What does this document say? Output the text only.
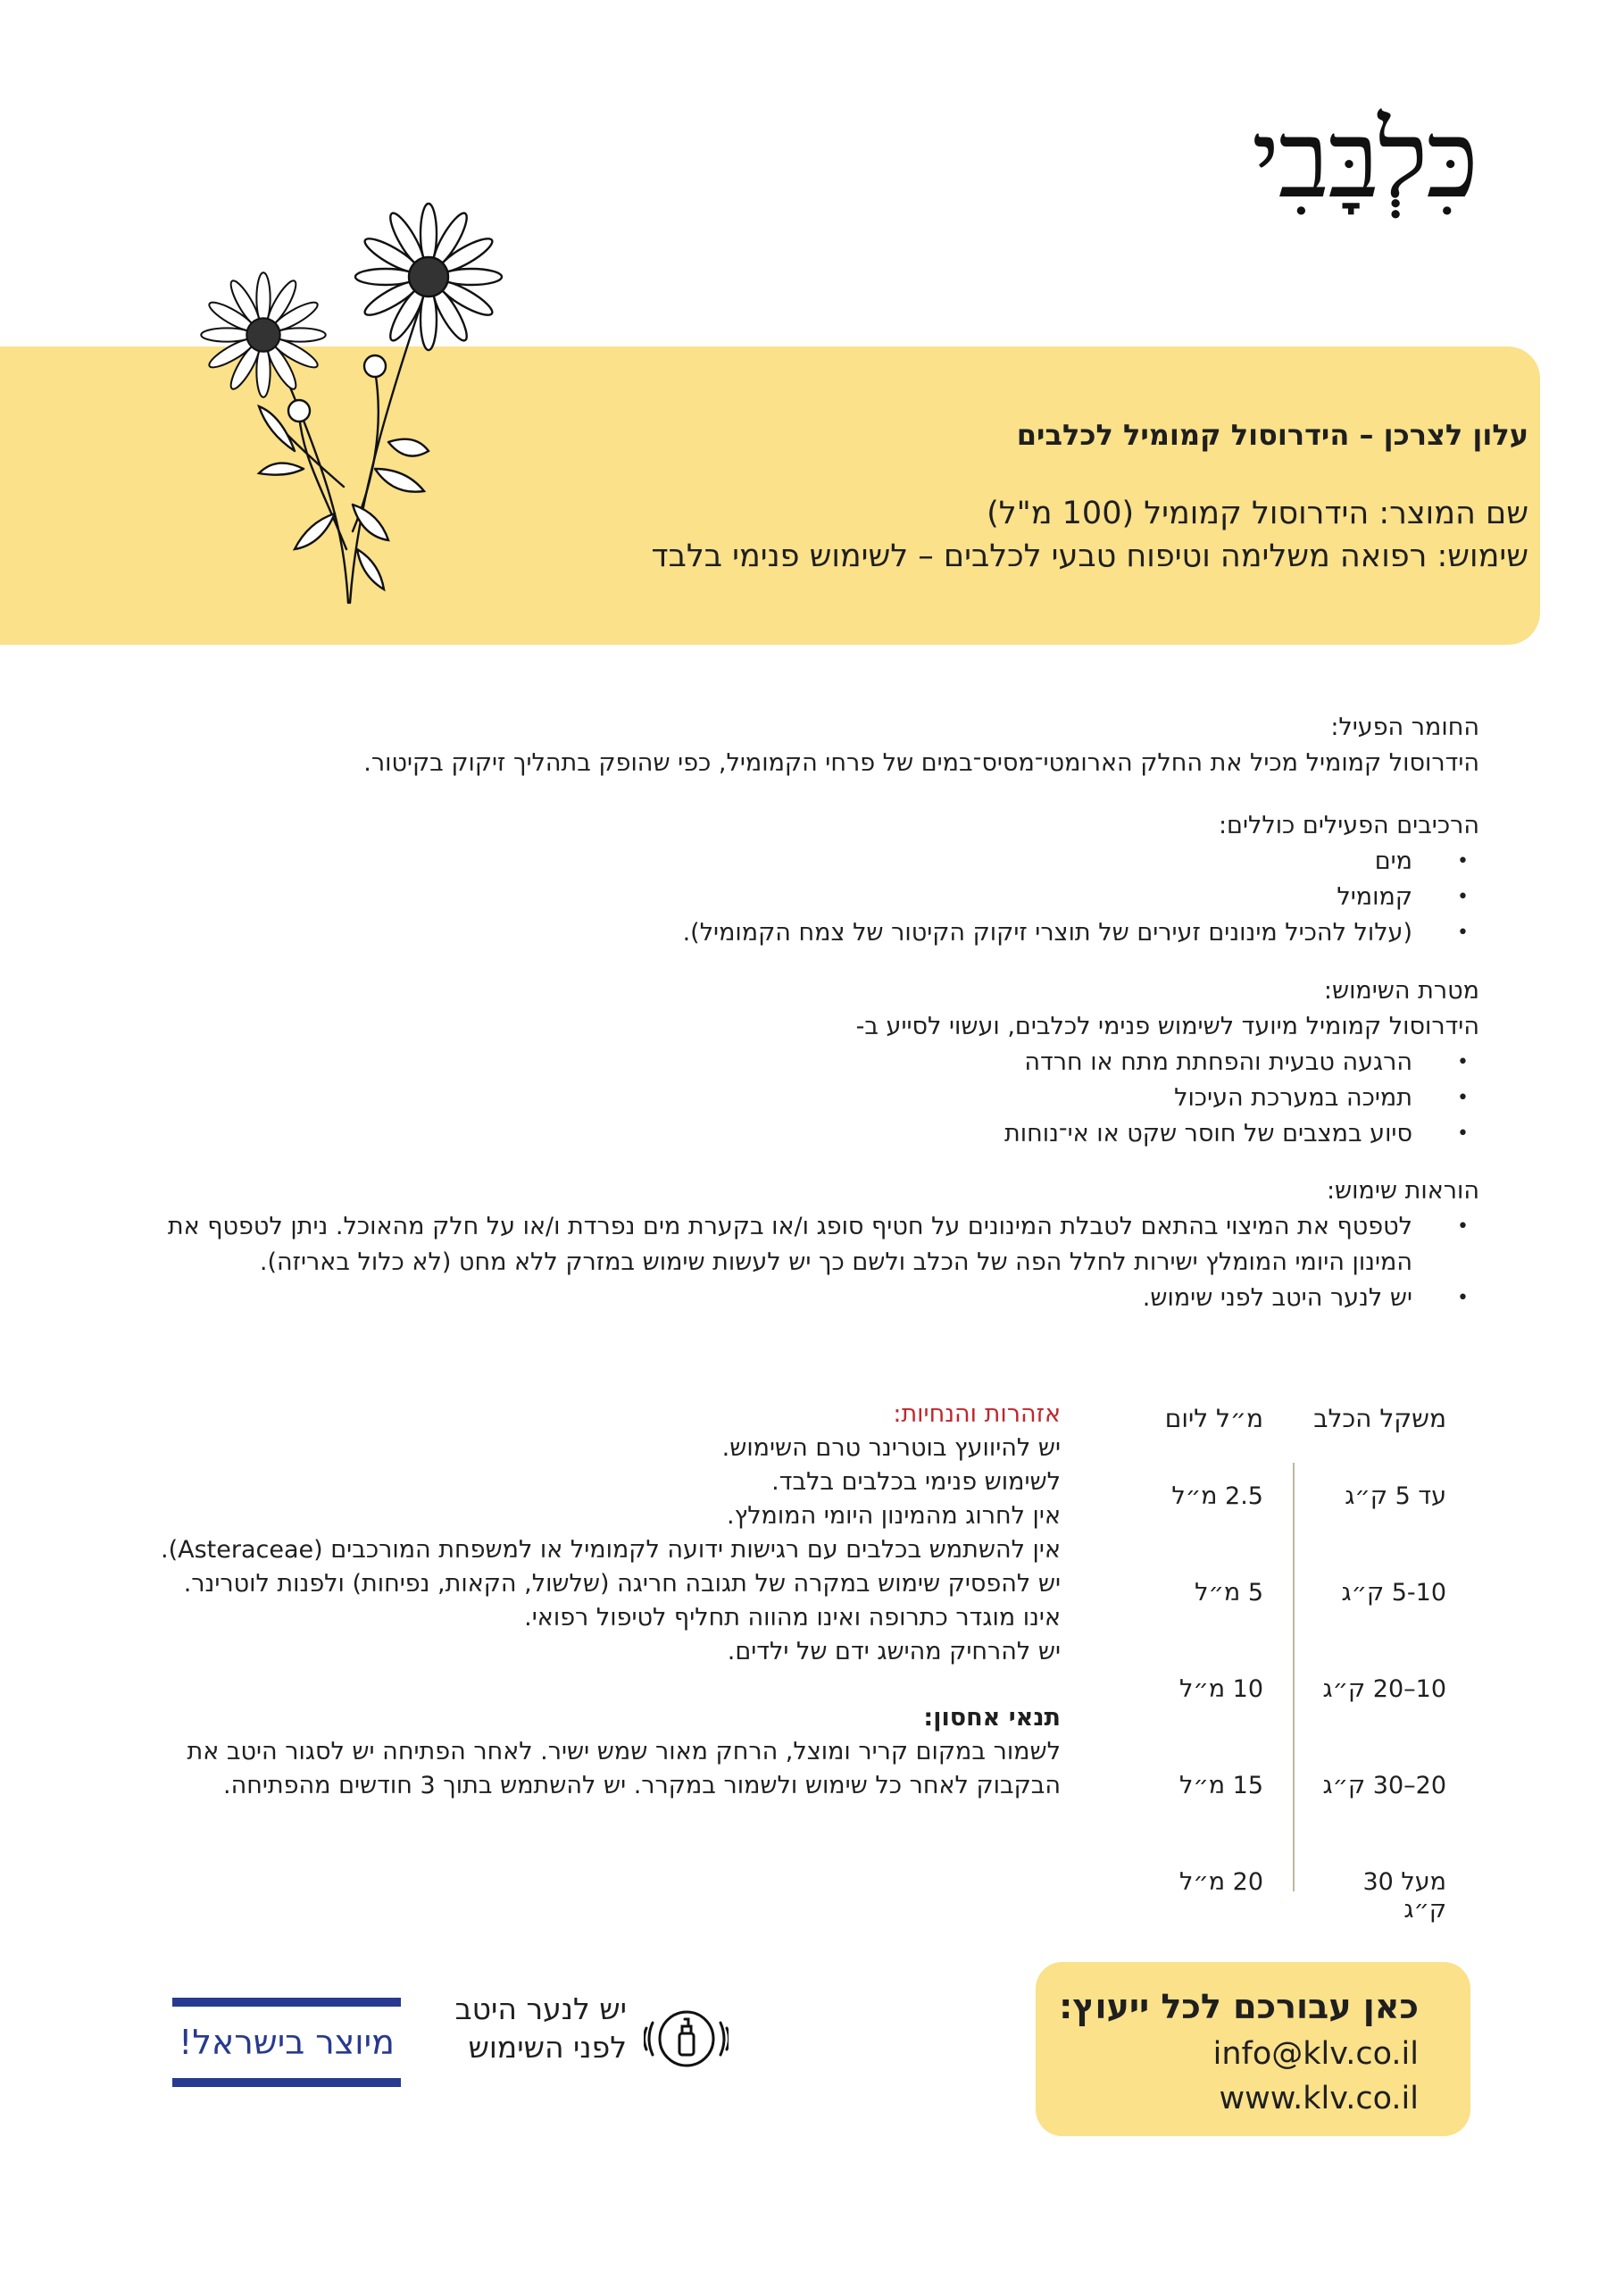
כִּלְבָּבִי
עלון לצרכן – הידרוסול קמומיל לכלבים
שם המוצר: הידרוסול קמומיל (100 מ"ל)
שימוש: רפואה משלימה וטיפוח טבעי לכלבים – לשימוש פנימי בלבד
החומר הפעיל:
הידרוסול קמומיל מכיל את החלק הארומטי־מסיס־במים של פרחי הקמומיל, כפי שהופק בתהליך זיקוק בקיטור.
הרכיבים הפעילים כוללים:
• מים
• קמומיל
• (עלול להכיל מינונים זעירים של תוצרי זיקוק הקיטור של צמח הקמומיל).
מטרת השימוש:
הידרוסול קמומיל מיועד לשימוש פנימי לכלבים, ועשוי לסייע ב-
• הרגעה טבעית והפחתת מתח או חרדה
• תמיכה במערכת העיכול
• סיוע במצבים של חוסר שקט או אי־נוחות
הוראות שימוש:
• לטפטף את המיצוי בהתאם לטבלת המינונים על חטיף סופג ו/או בקערת מים נפרדת ו/או על חלק מהאוכל. ניתן לטפטף את המינון היומי המומלץ ישירות לחלל הפה של הכלב ולשם כך יש לעשות שימוש במזרק ללא מחט (לא כלול באריזה).
• יש לנער היטב לפני שימוש.
משקל הכלב
מ״ל ליום
עד 5 ק״ג
2.5 מ״ל
5-10 ק״ג
5 מ״ל
10–20 ק״ג
10 מ״ל
20–30 ק״ג
15 מ״ל
מעל 30 ק״ג
20 מ״ל
אזהרות והנחיות:
יש להיוועץ בוטרינר טרם השימוש.
לשימוש פנימי בכלבים בלבד.
אין לחרוג מהמינון היומי המומלץ.
אין להשתמש בכלבים עם רגישות ידועה לקמומיל או למשפחת המורכבים (Asteraceae).
יש להפסיק שימוש במקרה של תגובה חריגה (שלשול, הקאות, נפיחות) ולפנות לוטרינר.
אינו מוגדר כתרופה ואינו מהווה תחליף לטיפול רפואי.
יש להרחיק מהישג ידם של ילדים.
תנאי אחסון:
לשמור במקום קריר ומוצל, הרחק מאור שמש ישיר. לאחר הפתיחה יש לסגור היטב את הבקבוק לאחר כל שימוש ולשמור במקרר. יש להשתמש בתוך 3 חודשים מהפתיחה.
מיוצר בישראל!
יש לנער היטב
לפני השימוש
כאן עבורכם לכל ייעוץ:
info@klv.co.il
www.klv.co.il
